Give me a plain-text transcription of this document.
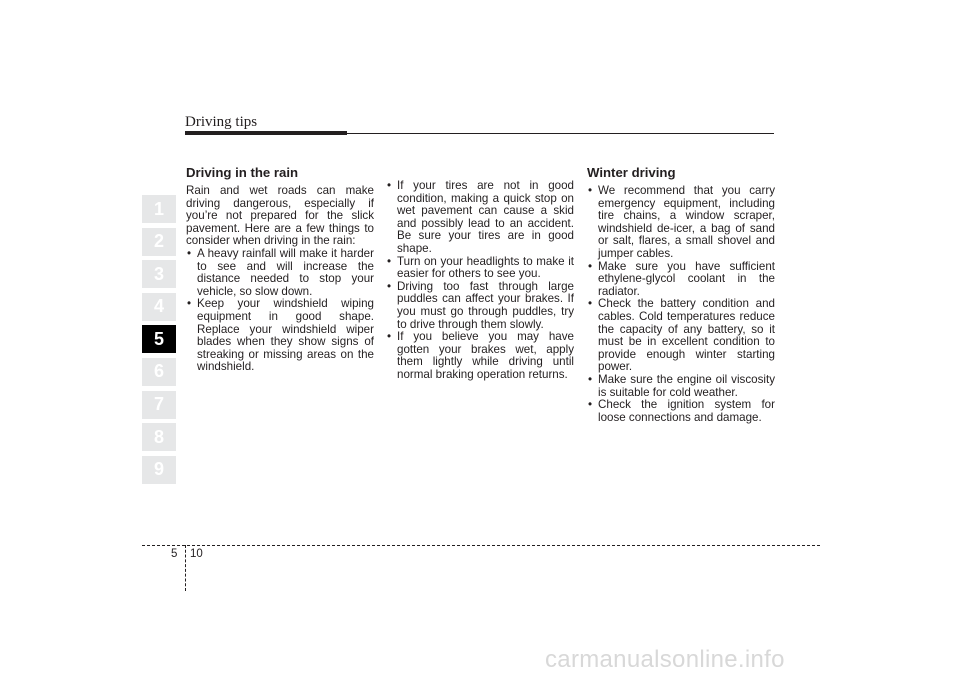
Driving tips
1
2
3
4
5
6
7
8
9
Driving in the rain
Rain and wet roads can make driving dangerous, especially if you’re not prepared for the slick pavement. Here are a few things to consider when driving in the rain:
• A heavy rainfall will make it harder to see and will increase the distance needed to stop your vehicle, so slow down.
• Keep your windshield wiping equipment in good shape. Replace your windshield wiper blades when they show signs of streaking or missing areas on the windshield.
• If your tires are not in good condition, making a quick stop on wet pavement can cause a skid and possibly lead to an accident. Be sure your tires are in good shape.
• Turn on your headlights to make it easier for others to see you.
• Driving too fast through large puddles can affect your brakes. If you must go through puddles, try to drive through them slowly.
• If you believe you may have gotten your brakes wet, apply them lightly while driving until normal braking operation returns.
Winter driving
• We recommend that you carry emergency equipment, including tire chains, a window scraper, windshield de-icer, a bag of sand or salt, flares, a small shovel and jumper cables.
• Make sure you have sufficient ethylene-glycol coolant in the radiator.
• Check the battery condition and cables. Cold temperatures reduce the capacity of any battery, so it must be in excellent condition to provide enough winter starting power.
• Make sure the engine oil viscosity is suitable for cold weather.
• Check the ignition system for loose connections and damage.
5 10
carmanualsonline.info
